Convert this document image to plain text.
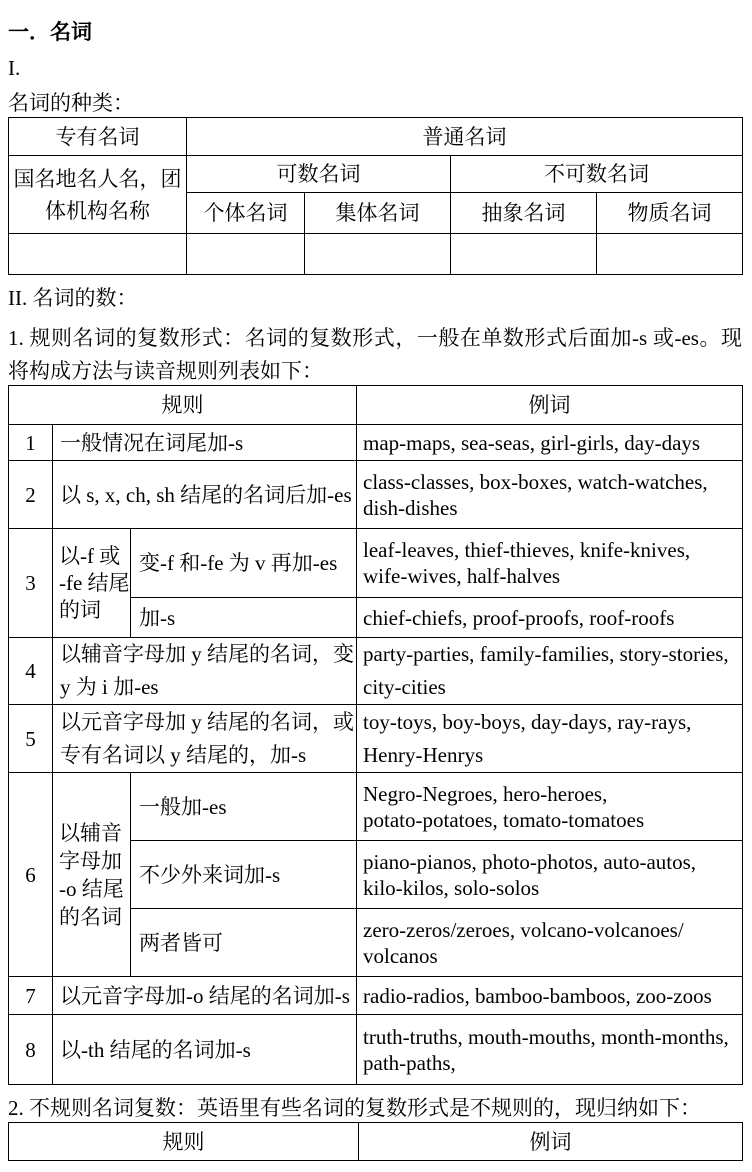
一．名词
I.
名词的种类：
专有名词	普通名词			
国名地名人名，团体机构名称	可数名词		不可数名词	
	个体名词	集体名词	抽象名词	物质名词

II. 名词的数：
1. 规则名词的复数形式：名词的复数形式，一般在单数形式后面加-s 或-es。现
将构成方法与读音规则列表如下：
规则			例词
1	一般情况在词尾加-s		map-maps, sea-seas, girl-girls, day-days

2	以 s, x, ch, sh 结尾的名词后加-es		class-classes, box-boxes, watch-watches,
dish-dishes

3	以-f 或
-fe 结尾
的词	变-f 和-fe 为 v 再加-es	leaf-leaves, thief-thieves, knife-knives,
wife-wives, half-halves

		加-s	chief-chiefs, proof-proofs, roof-roofs

4	以辅音字母加 y 结尾的名词，变
y 为 i 加-es		party-parties, family-families, story-stories,
city-cities

5	以元音字母加 y 结尾的名词，或
专有名词以 y 结尾的，加-s		toy-toys, boy-boys, day-days, ray-rays,
Henry-Henrys

6	以辅音
字母加
-o 结尾
的名词	一般加-es	Negro-Negroes, hero-heroes,
potato-potatoes, tomato-tomatoes

		不少外来词加-s	piano-pianos, photo-photos, auto-autos,
kilo-kilos, solo-solos

		两者皆可	zero-zeros/zeroes, volcano-volcanoes/
volcanos

7	以元音字母加-o 结尾的名词加-s		radio-radios, bamboo-bamboos, zoo-zoos

8	以-th 结尾的名词加-s		truth-truths, mouth-mouths, month-months,
path-paths,
2. 不规则名词复数：英语里有些名词的复数形式是不规则的，现归纳如下：
规则	例词
